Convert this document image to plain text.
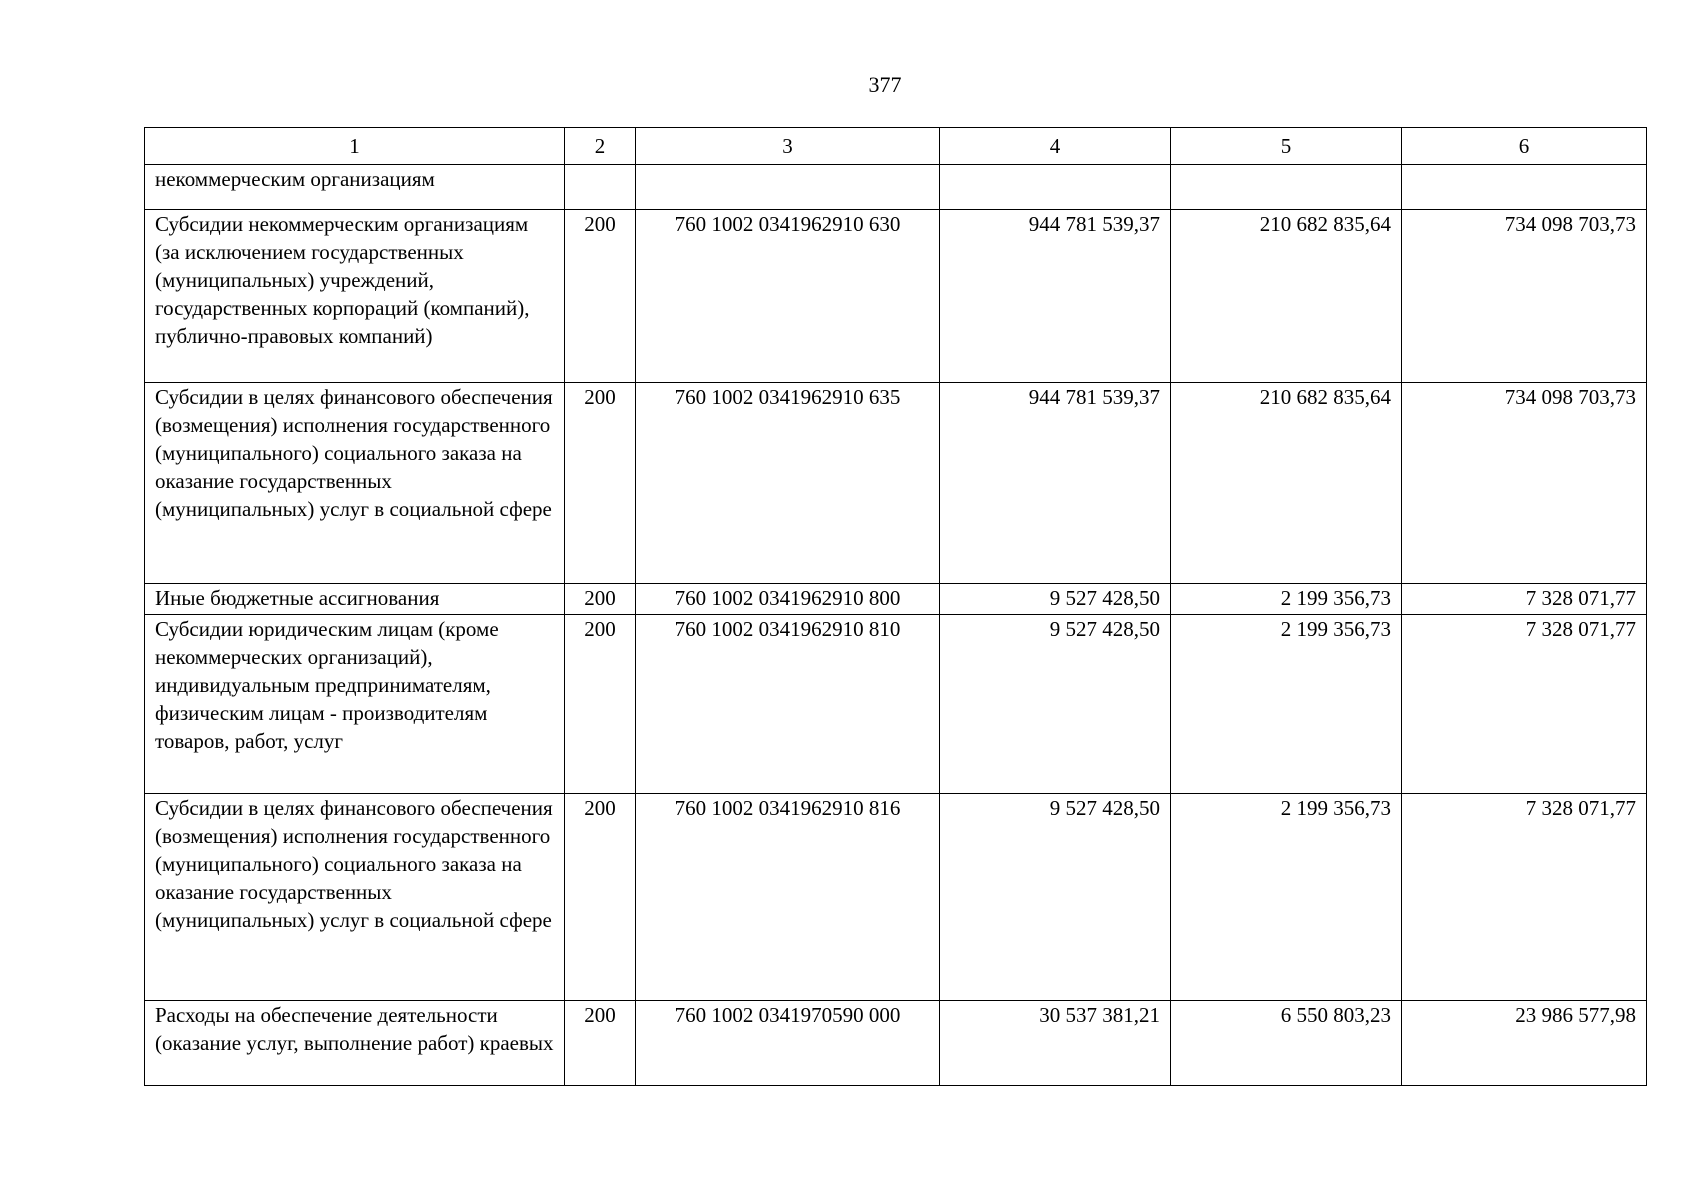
377
1	2	3	4	5	6
некоммерческим организациям					
Субсидии некоммерческим организациям (за исключением государственных (муниципальных) учреждений, государственных корпораций (компаний), публично-правовых компаний)	200	760 1002 0341962910 630	944 781 539,37	210 682 835,64	734 098 703,73
Субсидии в целях финансового обеспечения (возмещения) исполнения государственного (муниципального) социального заказа на оказание государственных (муниципальных) услуг в социальной сфере	200	760 1002 0341962910 635	944 781 539,37	210 682 835,64	734 098 703,73
Иные бюджетные ассигнования	200	760 1002 0341962910 800	9 527 428,50	2 199 356,73	7 328 071,77
Субсидии юридическим лицам (кроме некоммерческих организаций), индивидуальным предпринимателям, физическим лицам - производителям товаров, работ, услуг	200	760 1002 0341962910 810	9 527 428,50	2 199 356,73	7 328 071,77
Субсидии в целях финансового обеспечения (возмещения) исполнения государственного (муниципального) социального заказа на оказание государственных (муниципальных) услуг в социальной сфере	200	760 1002 0341962910 816	9 527 428,50	2 199 356,73	7 328 071,77
Расходы на обеспечение деятельности (оказание услуг, выполнение работ) краевых	200	760 1002 0341970590 000	30 537 381,21	6 550 803,23	23 986 577,98
